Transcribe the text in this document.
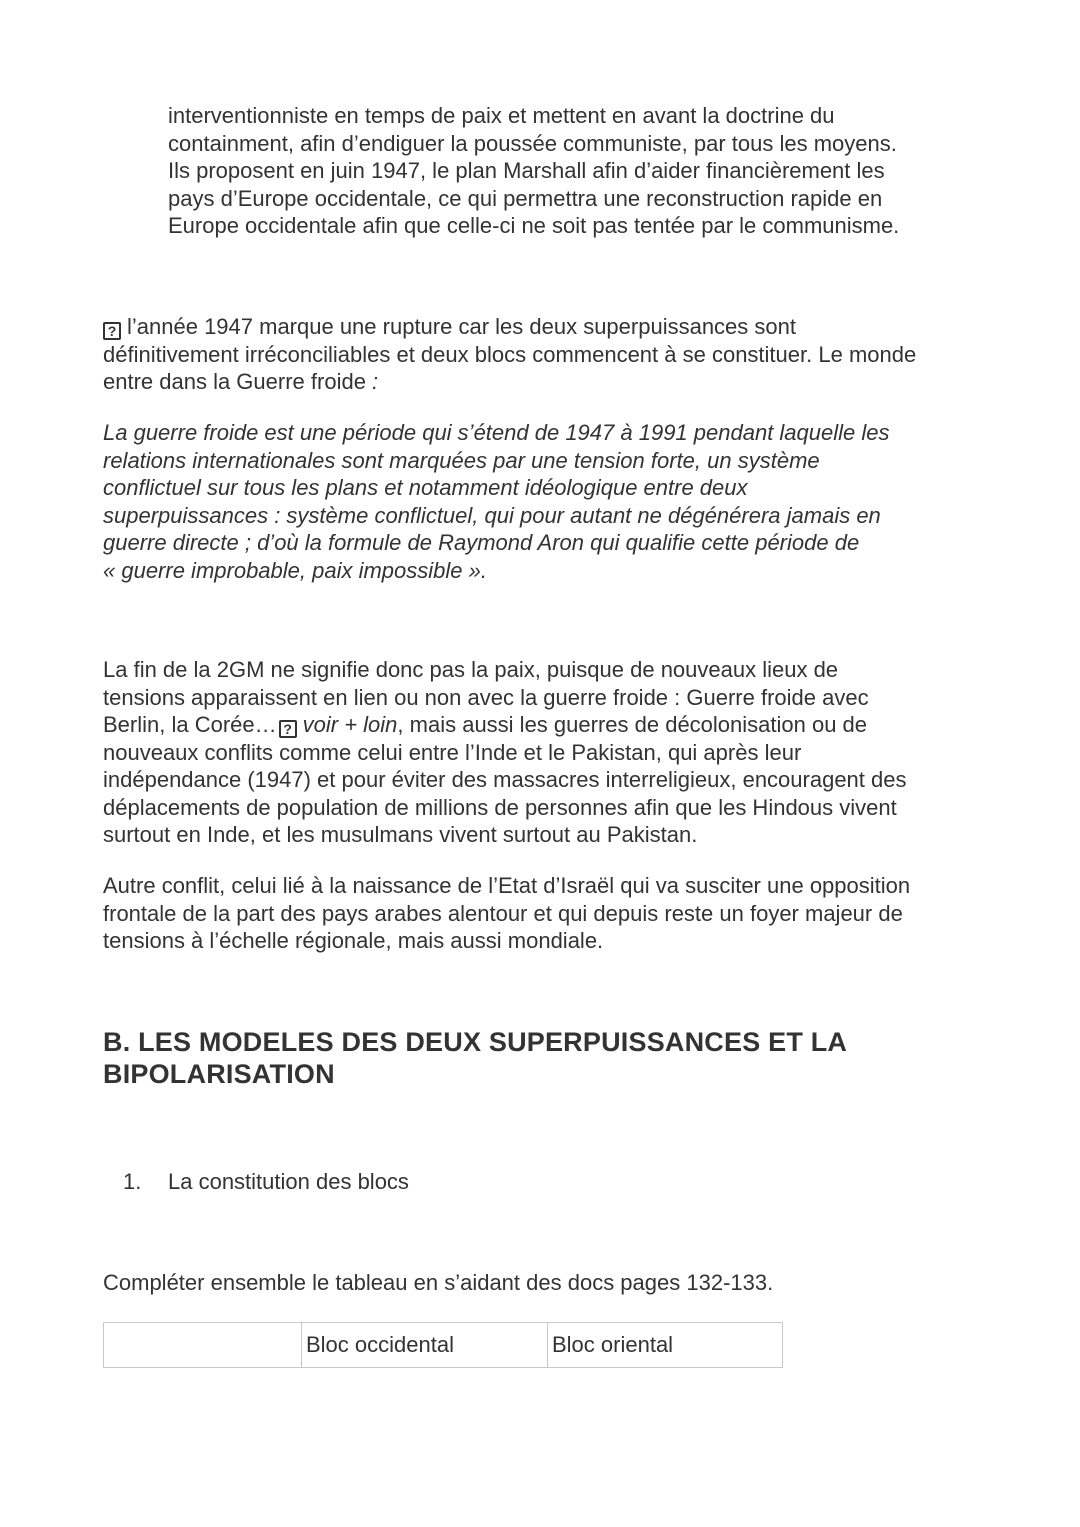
interventionniste en temps de paix et mettent en avant la doctrine du
containment, afin d’endiguer la poussée communiste, par tous les moyens.
Ils proposent en juin 1947, le plan Marshall afin d’aider financièrement les
pays d’Europe occidentale, ce qui permettra une reconstruction rapide en
Europe occidentale afin que celle-ci ne soit pas tentée par le communisme.
? l’année 1947 marque une rupture car les deux superpuissances sont
définitivement irréconciliables et deux blocs commencent à se constituer. Le monde
entre dans la Guerre froide :
La guerre froide est une période qui s’étend de 1947 à 1991 pendant laquelle les
relations internationales sont marquées par une tension forte, un système
conflictuel sur tous les plans et notamment idéologique entre deux
superpuissances : système conflictuel, qui pour autant ne dégénérera jamais en
guerre directe ; d’où la formule de Raymond Aron qui qualifie cette période de
« guerre improbable, paix impossible ».
La fin de la 2GM ne signifie donc pas la paix, puisque de nouveaux lieux de
tensions apparaissent en lien ou non avec la guerre froide : Guerre froide avec
Berlin, la Corée… ? voir + loin, mais aussi les guerres de décolonisation ou de
nouveaux conflits comme celui entre l’Inde et le Pakistan, qui après leur
indépendance (1947) et pour éviter des massacres interreligieux, encouragent des
déplacements de population de millions de personnes afin que les Hindous vivent
surtout en Inde, et les musulmans vivent surtout au Pakistan.
Autre conflit, celui lié à la naissance de l’Etat d’Israël qui va susciter une opposition
frontale de la part des pays arabes alentour et qui depuis reste un foyer majeur de
tensions à l’échelle régionale, mais aussi mondiale.
B. LES MODELES DES DEUX SUPERPUISSANCES ET LA
BIPOLARISATION
1. La constitution des blocs
Compléter ensemble le tableau en s’aidant des docs pages 132-133.
	Bloc occidental	Bloc oriental
